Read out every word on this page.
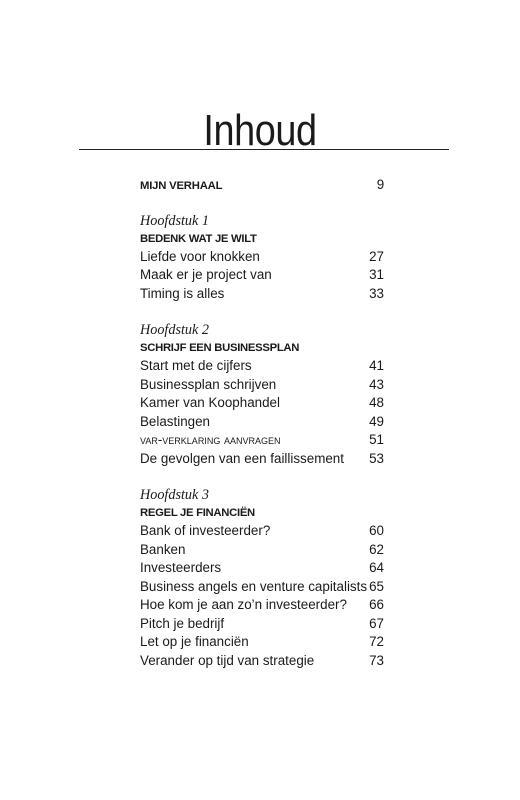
Inhoud
MIJN VERHAAL	9
Hoofdstuk 1
BEDENK WAT JE WILT
Liefde voor knokken	27
Maak er je project van	31
Timing is alles	33
Hoofdstuk 2
SCHRIJF EEN BUSINESSPLAN
Start met de cijfers	41
Businessplan schrijven	43
Kamer van Koophandel	48
Belastingen	49
var-verklaring aanvragen	51
De gevolgen van een faillissement 53
Hoofdstuk 3
REGEL JE FINANCIËN
Bank of investeerder?	60
Banken	62
Investeerders	64
Business angels en venture capitalists 65
Hoe kom je aan zo’n investeerder? 66
Pitch je bedrijf	67
Let op je financiën	72
Verander op tijd van strategie	73
